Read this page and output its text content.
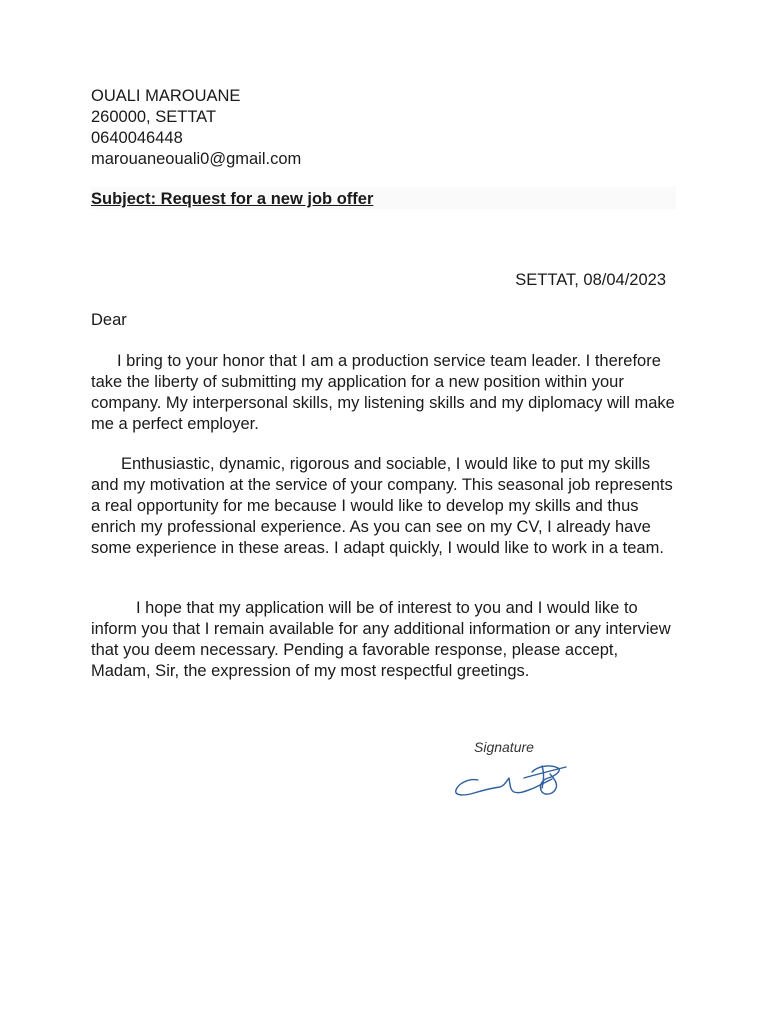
OUALI MAROUANE
260000, SETTAT
0640046448
marouaneouali0@gmail.com
Subject: Request for a new job offer
SETTAT, 08/04/2023
Dear

I bring to your honor that I am a production service team leader. I therefore take the liberty of submitting my application for a new position within your company. My interpersonal skills, my listening skills and my diplomacy will make me a perfect employer.

Enthusiastic, dynamic, rigorous and sociable, I would like to put my skills and my motivation at the service of your company. This seasonal job represents a real opportunity for me because I would like to develop my skills and thus enrich my professional experience. As you can see on my CV, I already have some experience in these areas. I adapt quickly, I would like to work in a team.

I hope that my application will be of interest to you and I would like to inform you that I remain available for any additional information or any interview that you deem necessary. Pending a favorable response, please accept, Madam, Sir, the expression of my most respectful greetings.

Signature
